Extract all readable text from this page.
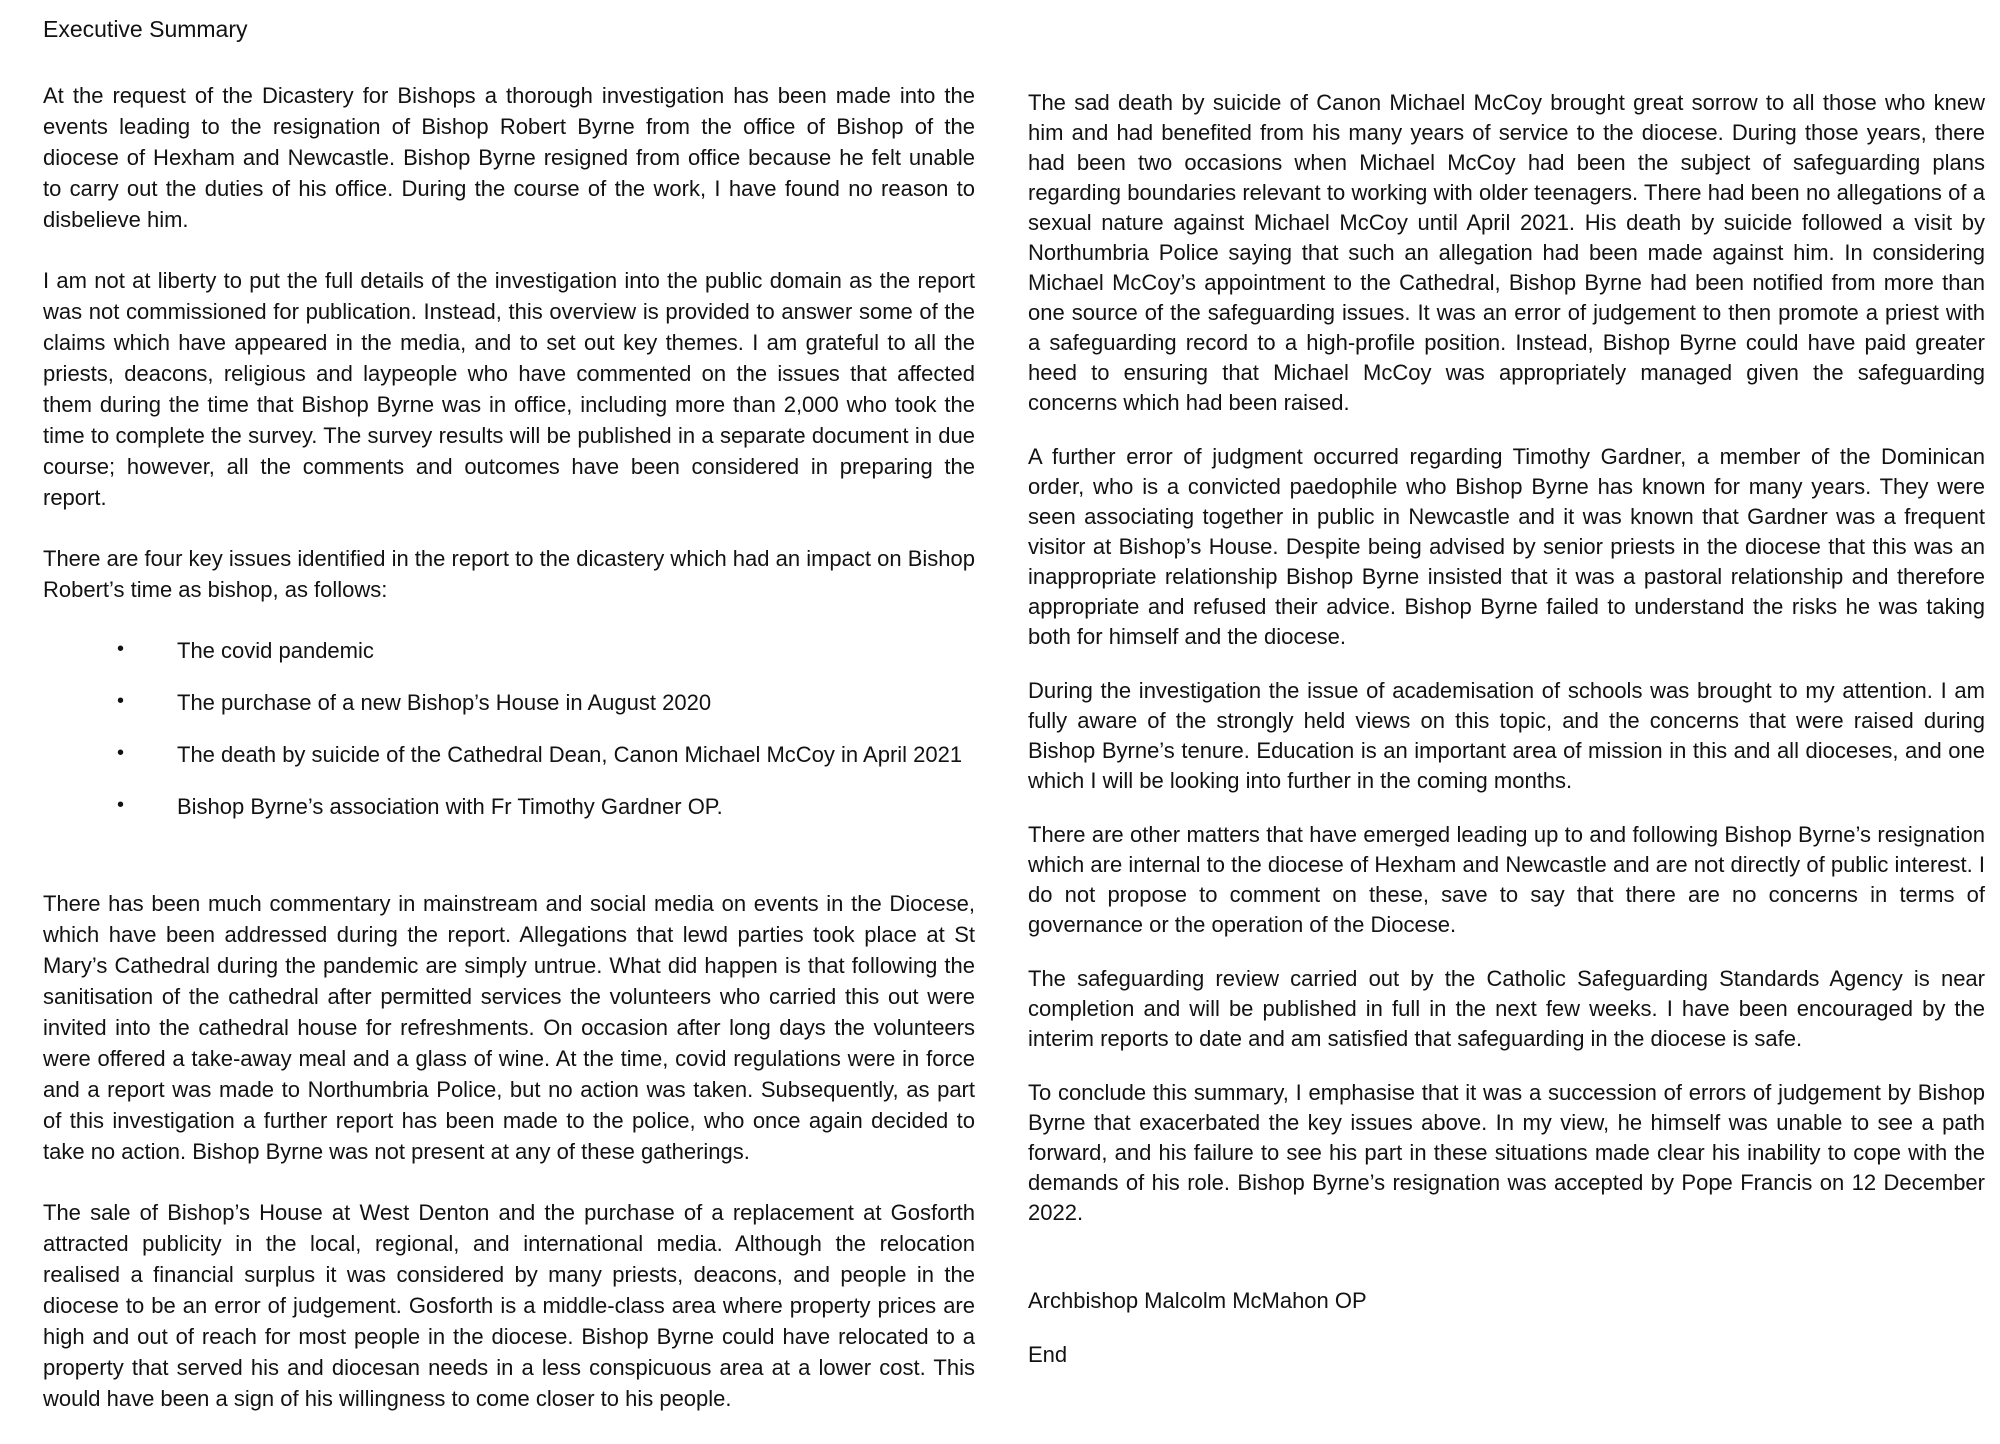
Executive Summary

At the request of the Dicastery for Bishops a thorough investigation has been made into the events leading to the resignation of Bishop Robert Byrne from the office of Bishop of the diocese of Hexham and Newcastle. Bishop Byrne resigned from office because he felt unable to carry out the duties of his office. During the course of the work, I have found no reason to disbelieve him.

I am not at liberty to put the full details of the investigation into the public domain as the report was not commissioned for publication. Instead, this overview is provided to answer some of the claims which have appeared in the media, and to set out key themes. I am grateful to all the priests, deacons, religious and laypeople who have commented on the issues that affected them during the time that Bishop Byrne was in office, including more than 2,000 who took the time to complete the survey. The survey results will be published in a separate document in due course; however, all the comments and outcomes have been considered in preparing the report.

There are four key issues identified in the report to the dicastery which had an impact on Bishop Robert’s time as bishop, as follows:

• The covid pandemic
• The purchase of a new Bishop’s House in August 2020
• The death by suicide of the Cathedral Dean, Canon Michael McCoy in April 2021
• Bishop Byrne’s association with Fr Timothy Gardner OP.

There has been much commentary in mainstream and social media on events in the Diocese, which have been addressed during the report. Allegations that lewd parties took place at St Mary’s Cathedral during the pandemic are simply untrue. What did happen is that following the sanitisation of the cathedral after permitted services the volunteers who carried this out were invited into the cathedral house for refreshments. On occasion after long days the volunteers were offered a take-away meal and a glass of wine. At the time, covid regulations were in force and a report was made to Northumbria Police, but no action was taken. Subsequently, as part of this investigation a further report has been made to the police, who once again decided to take no action. Bishop Byrne was not present at any of these gatherings.

The sale of Bishop’s House at West Denton and the purchase of a replacement at Gosforth attracted publicity in the local, regional, and international media. Although the relocation realised a financial surplus it was considered by many priests, deacons, and people in the diocese to be an error of judgement. Gosforth is a middle-class area where property prices are high and out of reach for most people in the diocese. Bishop Byrne could have relocated to a property that served his and diocesan needs in a less conspicuous area at a lower cost. This would have been a sign of his willingness to come closer to his people.

The sad death by suicide of Canon Michael McCoy brought great sorrow to all those who knew him and had benefited from his many years of service to the diocese. During those years, there had been two occasions when Michael McCoy had been the subject of safeguarding plans regarding boundaries relevant to working with older teenagers. There had been no allegations of a sexual nature against Michael McCoy until April 2021. His death by suicide followed a visit by Northumbria Police saying that such an allegation had been made against him. In considering Michael McCoy’s appointment to the Cathedral, Bishop Byrne had been notified from more than one source of the safeguarding issues. It was an error of judgement to then promote a priest with a safeguarding record to a high-profile position. Instead, Bishop Byrne could have paid greater heed to ensuring that Michael McCoy was appropriately managed given the safeguarding concerns which had been raised.

A further error of judgment occurred regarding Timothy Gardner, a member of the Dominican order, who is a convicted paedophile who Bishop Byrne has known for many years. They were seen associating together in public in Newcastle and it was known that Gardner was a frequent visitor at Bishop’s House. Despite being advised by senior priests in the diocese that this was an inappropriate relationship Bishop Byrne insisted that it was a pastoral relationship and therefore appropriate and refused their advice. Bishop Byrne failed to understand the risks he was taking both for himself and the diocese.

During the investigation the issue of academisation of schools was brought to my attention. I am fully aware of the strongly held views on this topic, and the concerns that were raised during Bishop Byrne’s tenure. Education is an important area of mission in this and all dioceses, and one which I will be looking into further in the coming months.

There are other matters that have emerged leading up to and following Bishop Byrne’s resignation which are internal to the diocese of Hexham and Newcastle and are not directly of public interest. I do not propose to comment on these, save to say that there are no concerns in terms of governance or the operation of the Diocese.

The safeguarding review carried out by the Catholic Safeguarding Standards Agency is near completion and will be published in full in the next few weeks. I have been encouraged by the interim reports to date and am satisfied that safeguarding in the diocese is safe.

To conclude this summary, I emphasise that it was a succession of errors of judgement by Bishop Byrne that exacerbated the key issues above. In my view, he himself was unable to see a path forward, and his failure to see his part in these situations made clear his inability to cope with the demands of his role. Bishop Byrne’s resignation was accepted by Pope Francis on 12 December 2022.

Archbishop Malcolm McMahon OP

End
